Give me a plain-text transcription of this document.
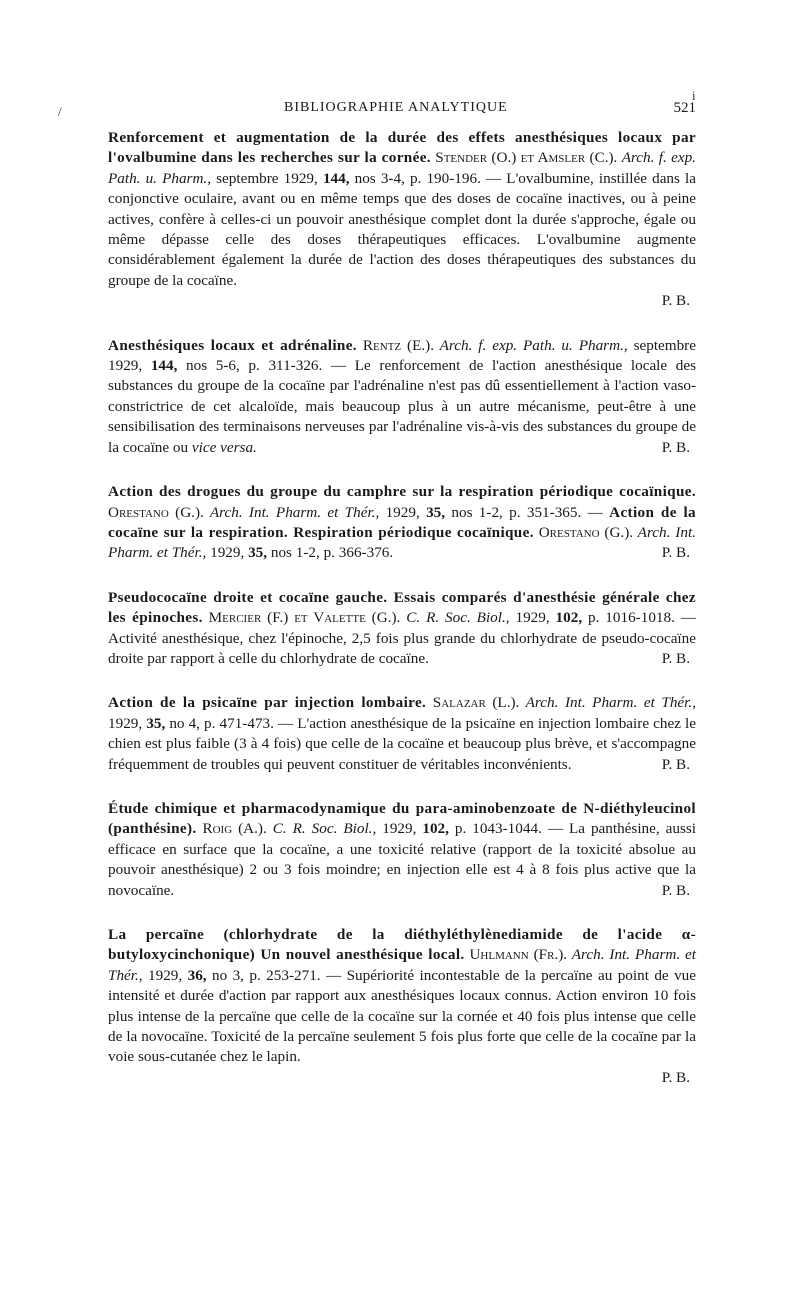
/
i
BIBLIOGRAPHIE ANALYTIQUE	521

Renforcement et augmentation de la durée des effets anesthésiques locaux par l'ovalbumine dans les recherches sur la cornée. Stender (O.) et Amsler (C.). Arch. f. exp. Path. u. Pharm., septembre 1929, 144, nos 3-4, p. 190-196. — L'ovalbumine, instillée dans la conjonctive oculaire, avant ou en même temps que des doses de cocaïne inactives, ou à peine actives, confère à celles-ci un pouvoir anesthésique complet dont la durée s'approche, égale ou même dépasse celle des doses thérapeutiques efficaces. L'ovalbumine augmente considérablement également la durée de l'action des doses thérapeutiques des substances du groupe de la cocaïne.
P. B.

Anesthésiques locaux et adrénaline. Rentz (E.). Arch. f. exp. Path. u. Pharm., septembre 1929, 144, nos 5-6, p. 311-326. — Le renforcement de l'action anesthésique locale des substances du groupe de la cocaïne par l'adrénaline n'est pas dû essentiellement à l'action vaso-constrictrice de cet alcaloïde, mais beaucoup plus à un autre mécanisme, peut-être à une sensibilisation des terminaisons nerveuses par l'adrénaline vis-à-vis des substances du groupe de la cocaïne ou vice versa.	P. B.

Action des drogues du groupe du camphre sur la respiration périodique cocaïnique. Orestano (G.). Arch. Int. Pharm. et Thér., 1929, 35, nos 1-2, p. 351-365. — Action de la cocaïne sur la respiration. Respiration périodique cocaïnique. Orestano (G.). Arch. Int. Pharm. et Thér., 1929, 35, nos 1-2, p. 366-376.	P. B.

Pseudococaïne droite et cocaïne gauche. Essais comparés d'anesthésie générale chez les épinoches. Mercier (F.) et Valette (G.). C. R. Soc. Biol., 1929, 102, p. 1016-1018. — Activité anesthésique, chez l'épinoche, 2,5 fois plus grande du chlorhydrate de pseudo-cocaïne droite par rapport à celle du chlorhydrate de cocaïne.	P. B.

Action de la psicaïne par injection lombaire. Salazar (L.). Arch. Int. Pharm. et Thér., 1929, 35, no 4, p. 471-473. — L'action anesthésique de la psicaïne en injection lombaire chez le chien est plus faible (3 à 4 fois) que celle de la cocaïne et beaucoup plus brève, et s'accompagne fréquemment de troubles qui peuvent constituer de véritables inconvénients.	P. B.

Étude chimique et pharmacodynamique du para-aminobenzoate de N-diéthyleucinol (panthésine). Roig (A.). C. R. Soc. Biol., 1929, 102, p. 1043-1044. — La panthésine, aussi efficace en surface que la cocaïne, a une toxicité relative (rapport de la toxicité absolue au pouvoir anesthésique) 2 ou 3 fois moindre; en injection elle est 4 à 8 fois plus active que la novocaïne.	P. B.

La percaïne (chlorhydrate de la diéthyléthylènediamide de l'acide α-butyloxycinchonique) Un nouvel anesthésique local. Uhlmann (Fr.). Arch. Int. Pharm. et Thér., 1929, 36, no 3, p. 253-271. — Supériorité incontestable de la percaïne au point de vue intensité et durée d'action par rapport aux anesthésiques locaux connus. Action environ 10 fois plus intense de la percaïne que celle de la cocaïne sur la cornée et 40 fois plus intense que celle de la novocaïne. Toxicité de la percaïne seulement 5 fois plus forte que celle de la cocaïne par la voie sous-cutanée chez le lapin.
P. B.
